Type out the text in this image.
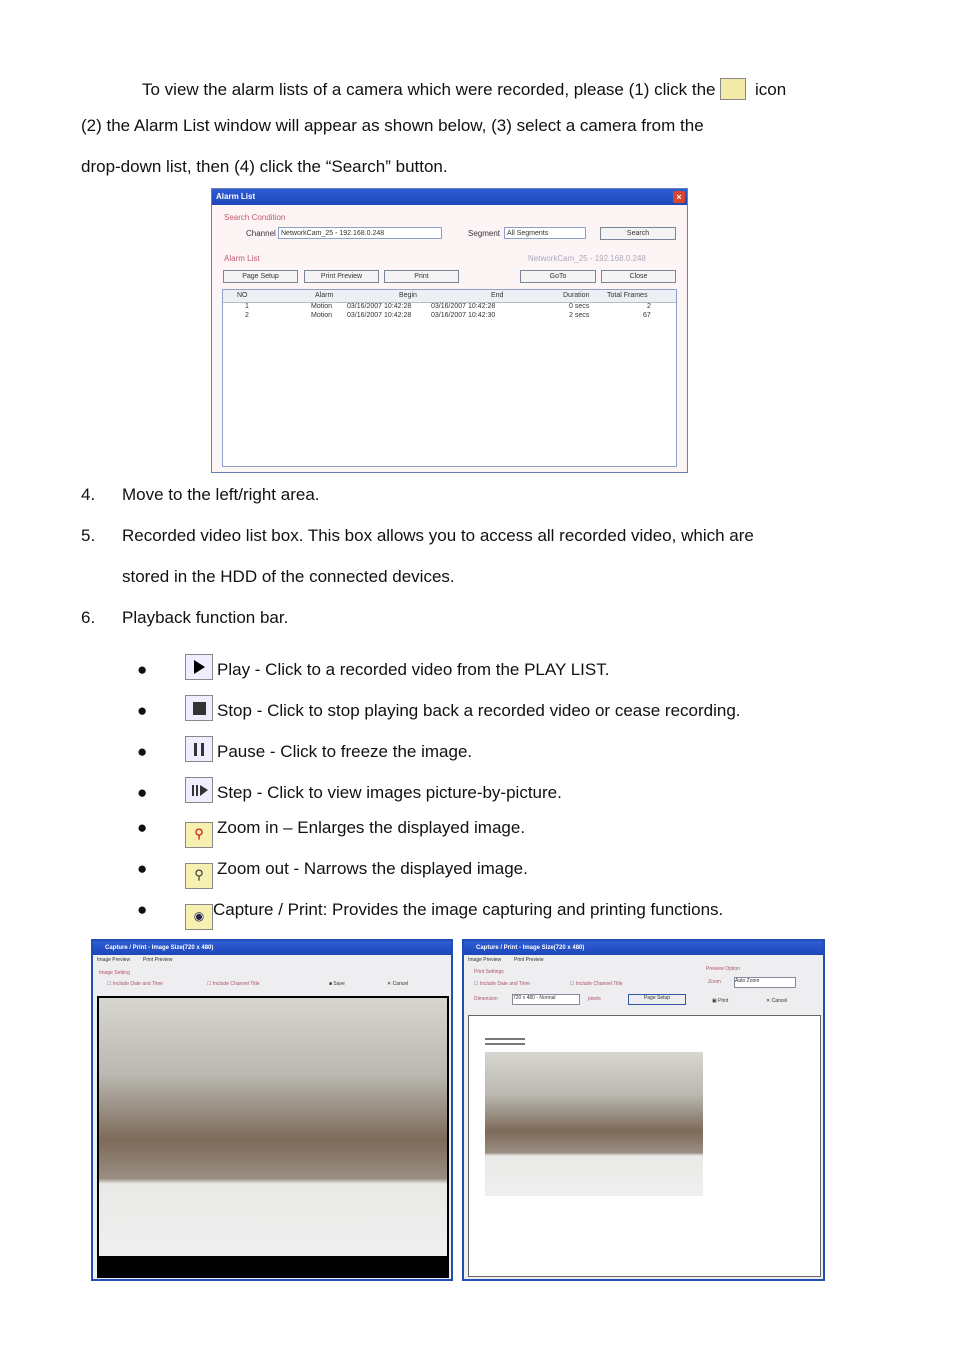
To view the alarm lists of a camera which were recorded, please (1) click the icon
(2) the Alarm List window will appear as shown below, (3) select a camera from the
drop-down list, then (4) click the “Search” button.
Alarm List	×
Search Condition
Channel NetworkCam_25 - 192.168.0.248	Segment All Segments	Search
Alarm List	NetworkCam_25 - 192.168.0.248
Page Setup	Print Preview	Print	GoTo	Close
NO	Alarm	Begin	End	Duration	Total Frames
1	Motion 03/16/2007 10:42:28	03/16/2007 10:42:28	0 secs	2
2	Motion 03/16/2007 10:42:28	03/16/2007 10:42:30	2 secs	67
4. Move to the left/right area.
5. Recorded video list box. This box allows you to access all recorded video, which are
stored in the HDD of the connected devices.
6. Playback function bar.
●	Play - Click to a recorded video from the PLAY LIST.
●	Stop - Click to stop playing back a recorded video or cease recording.
●	Pause - Click to freeze the image.
●	Step - Click to view images picture-by-picture.
●	⚲ Zoom in – Enlarges the displayed image.
●	⚲ Zoom out - Narrows the displayed image.
●	◉ Capture / Print: Provides the image capturing and printing functions.
Capture / Print - Image Size(720 x 480)
Image Preview	Print Preview
Image Setting
☐ Include Date and Time	☐ Include Channel Title	■ Save	✕ Cancel
Capture / Print - Image Size(720 x 480)
Image Preview	Print Preview
Print Settings
☐ Include Date and Time	☐ Include Channel Title
Dimension	720 x 480 - Normal	pixels	Page Setup
Preview Option
Zoom	Auto Zoom
▣ Print	✕ Cancel
